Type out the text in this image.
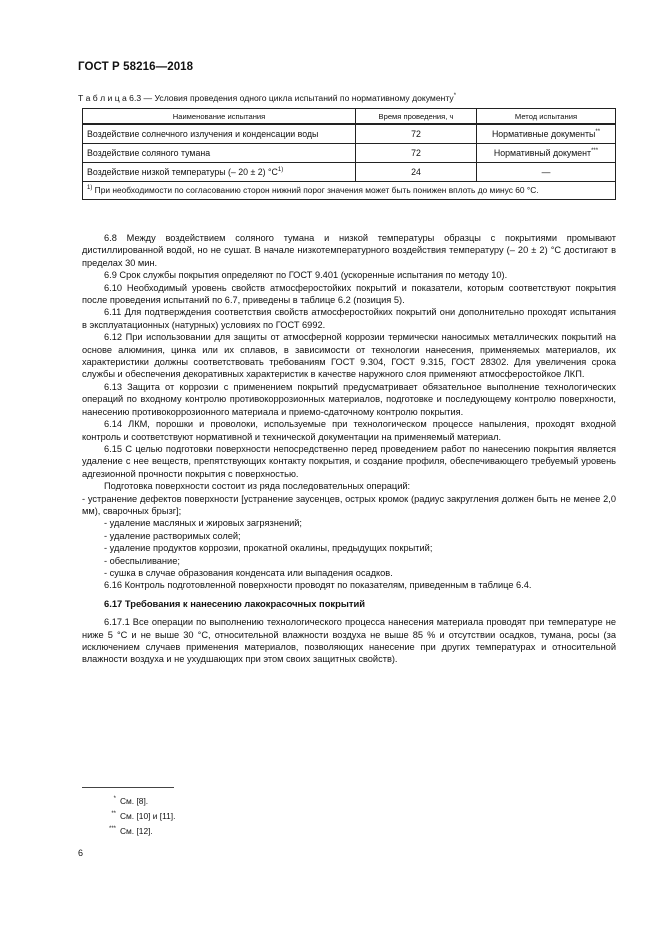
ГОСТ Р 58216—2018
Т а б л и ц а 6.3 — Условия проведения одного цикла испытаний по нормативному документу*
Наименование испытания	Время проведения, ч	Метод испытания
Воздействие солнечного излучения и конденсации воды	72	Нормативные документы**
Воздействие соляного тумана	72	Нормативный документ***
Воздействие низкой температуры (– 20 ± 2) $^\circ С^{1)}$	24	—
$^{1)}$ При необходимости по согласованию сторон нижний порог значения может быть понижен вплоть до минус 60 °С.		

6.8 Между воздействием соляного тумана и низкой температуры образцы с покрытиями промывают дистиллированной водой, но не сушат. В начале низкотемпературного воздействия температуру (– 20 ± 2) °С достигают в пределах 30 мин.

6.9 Срок службы покрытия определяют по ГОСТ 9.401 (ускоренные испытания по методу 10).

6.10 Необходимый уровень свойств атмосферостойких покрытий и показатели, которым соответствуют покрытия после проведения испытаний по 6.7, приведены в таблице 6.2 (позиция 5).

6.11 Для подтверждения соответствия свойств атмосферостойких покрытий они дополнительно проходят испытания в эксплуатационных (натурных) условиях по ГОСТ 6992.

6.12 При использовании для защиты от атмосферной коррозии термически наносимых металлических покрытий на основе алюминия, цинка или их сплавов, в зависимости от технологии нанесения, применяемых материалов, их характеристики должны соответствовать требованиям ГОСТ 9.304, ГОСТ 9.315, ГОСТ 28302. Для увеличения срока службы и обеспечения декоративных характеристик в качестве наружного слоя применяют атмосферостойкое ЛКП.

6.13 Защита от коррозии с применением покрытий предусматривает обязательное выполнение технологических операций по входному контролю противокоррозионных материалов, подготовке и последующему контролю поверхности, нанесению противокоррозионного материала и приемо-сдаточному контролю покрытия.

6.14 ЛКМ, порошки и проволоки, используемые при технологическом процессе напыления, проходят входной контроль и соответствуют нормативной и технической документации на применяемый материал.

6.15 С целью подготовки поверхности непосредственно перед проведением работ по нанесению покрытия является удаление с нее веществ, препятствующих контакту покрытия, и создание профиля, обеспечивающего требуемый уровень адгезионной прочности покрытия с поверхностью.

Подготовка поверхности состоит из ряда последовательных операций:

- устранение дефектов поверхности [устранение заусенцев, острых кромок (радиус закругления должен быть не менее 2,0 мм), сварочных брызг];

- удаление масляных и жировых загрязнений;

- удаление растворимых солей;

- удаление продуктов коррозии, прокатной окалины, предыдущих покрытий;

- обеспыливание;

- сушка в случае образования конденсата или выпадения осадков.

6.16 Контроль подготовленной поверхности проводят по показателям, приведенным в таблице 6.4.

6.17 Требования к нанесению лакокрасочных покрытий

6.17.1 Все операции по выполнению технологического процесса нанесения материала проводят при температуре не ниже 5 °С и не выше 30 °С, относительной влажности воздуха не выше 85 % и отсутствии осадков, тумана, росы (за исключением случаев применения материалов, позволяющих нанесение при других температурах и относительной влажности воздуха и не ухудшающих при этом своих защитных свойств).

* См. [8].
** См. [10] и [11].
*** См. [12].
6
